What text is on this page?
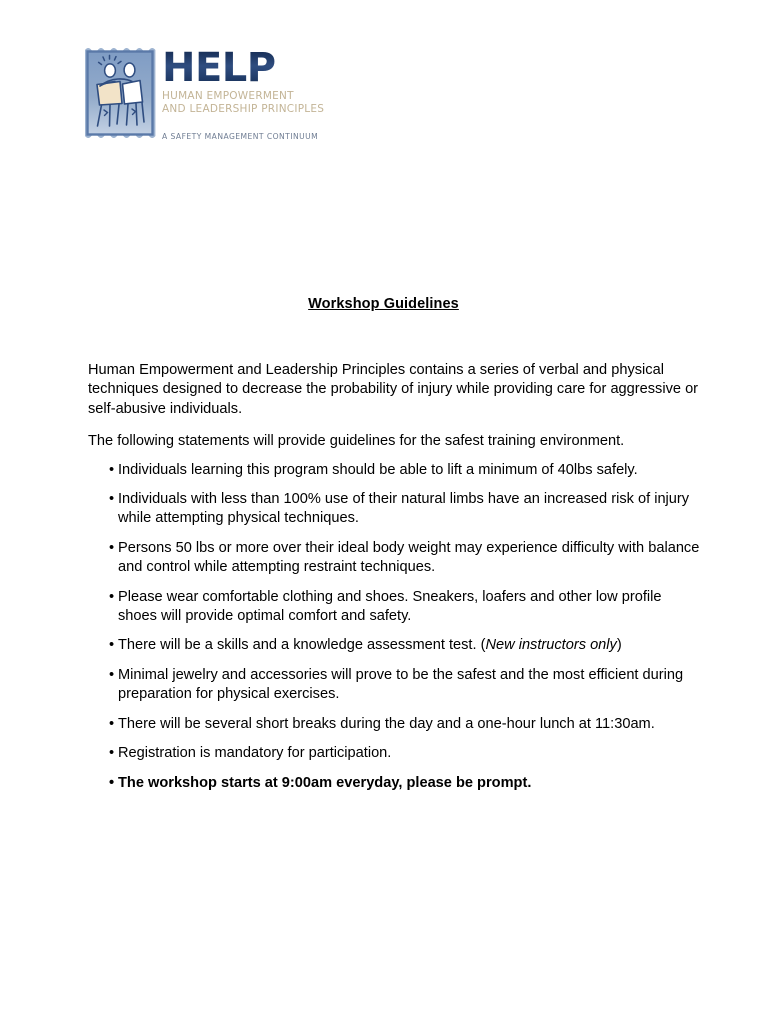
HELP
HUMAN EMPOWERMENT
AND LEADERSHIP PRINCIPLES
A SAFETY MANAGEMENT CONTINUUM
Workshop Guidelines

Human Empowerment and Leadership Principles contains a series of verbal and physical techniques designed to decrease the probability of injury while providing care for aggressive or self-abusive individuals.

The following statements will provide guidelines for the safest training environment.

• Individuals learning this program should be able to lift a minimum of 40lbs safely.
• Individuals with less than 100% use of their natural limbs have an increased risk of injury while attempting physical techniques.
• Persons 50 lbs or more over their ideal body weight may experience difficulty with balance and control while attempting restraint techniques.
• Please wear comfortable clothing and shoes. Sneakers, loafers and other low profile shoes will provide optimal comfort and safety.
• There will be a skills and a knowledge assessment test. (New instructors only)
• Minimal jewelry and accessories will prove to be the safest and the most efficient during preparation for physical exercises.
• There will be several short breaks during the day and a one-hour lunch at 11:30am.
• Registration is mandatory for participation.
• The workshop starts at 9:00am everyday, please be prompt.
